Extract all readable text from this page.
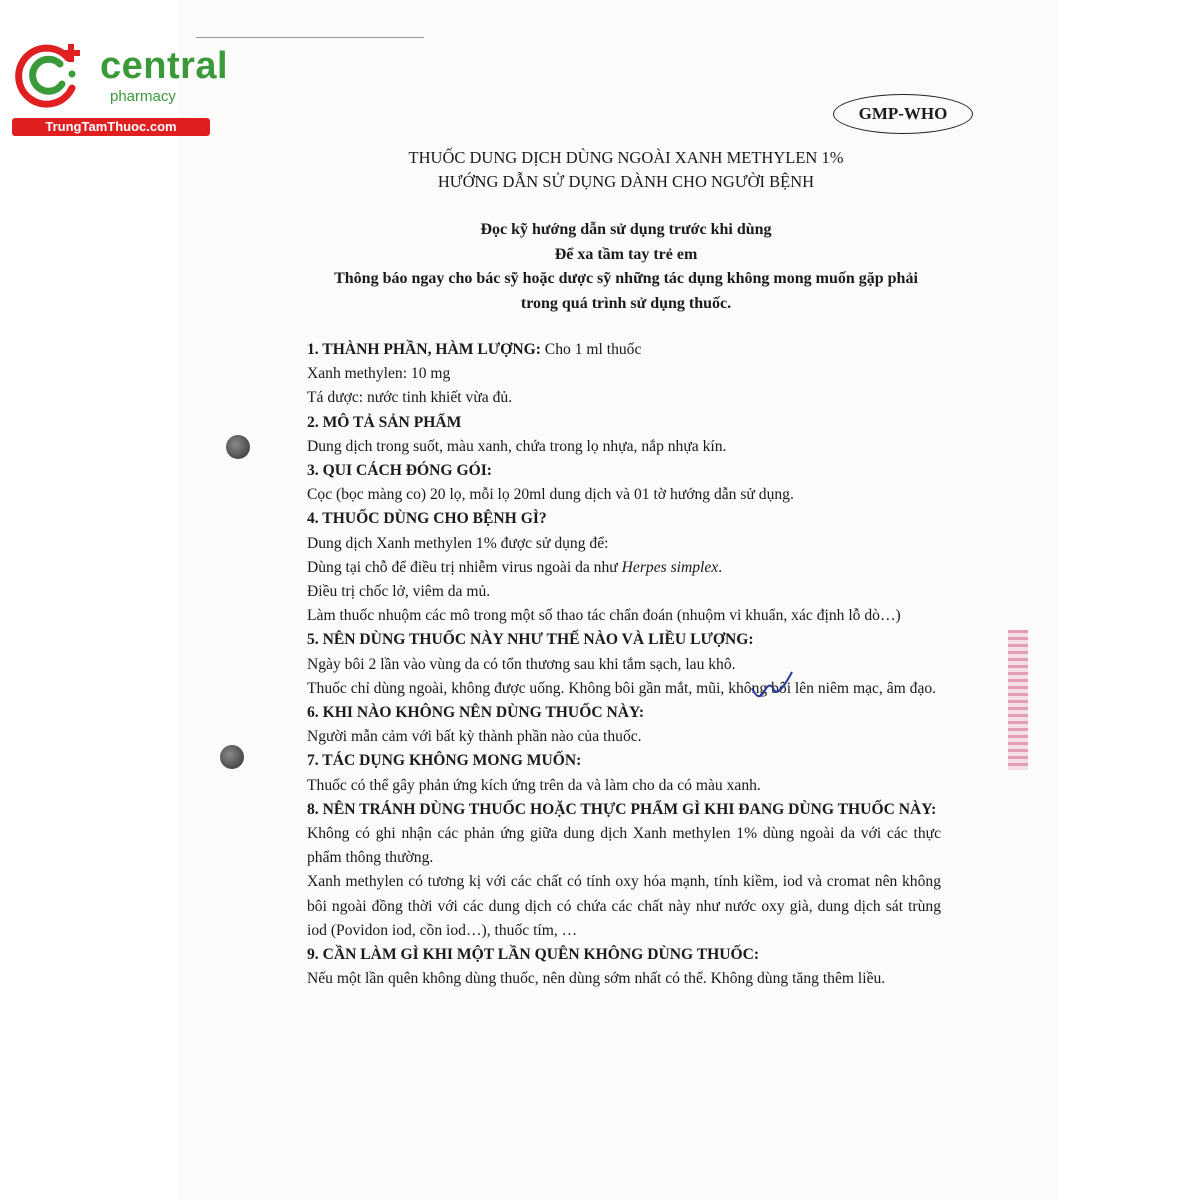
central
pharmacy
TrungTamThuoc.com
GMP-WHO
THUỐC DUNG DỊCH DÙNG NGOÀI XANH METHYLEN 1%
HƯỚNG DẪN SỬ DỤNG DÀNH CHO NGƯỜI BỆNH
Đọc kỹ hướng dẫn sử dụng trước khi dùng
Để xa tầm tay trẻ em
Thông báo ngay cho bác sỹ hoặc dược sỹ những tác dụng không mong muốn gặp phải trong quá trình sử dụng thuốc.

1. THÀNH PHẦN, HÀM LƯỢNG: Cho 1 ml thuốc

Xanh methylen: 10 mg

Tá dược: nước tinh khiết vừa đủ.

2. MÔ TẢ SẢN PHẨM

Dung dịch trong suốt, màu xanh, chứa trong lọ nhựa, nắp nhựa kín.

3. QUI CÁCH ĐÓNG GÓI:

Cọc (bọc màng co) 20 lọ, mỗi lọ 20ml dung dịch và 01 tờ hướng dẫn sử dụng.

4. THUỐC DÙNG CHO BỆNH GÌ?

Dung dịch Xanh methylen 1% được sử dụng để:

Dùng tại chỗ để điều trị nhiễm virus ngoài da như Herpes simplex.

Điều trị chốc lở, viêm da mủ.

Làm thuốc nhuộm các mô trong một số thao tác chẩn đoán (nhuộm vi khuẩn, xác định lỗ dò…)

5. NÊN DÙNG THUỐC NÀY NHƯ THẾ NÀO VÀ LIỀU LƯỢNG:

Ngày bôi 2 lần vào vùng da có tổn thương sau khi tắm sạch, lau khô.

Thuốc chỉ dùng ngoài, không được uống. Không bôi gần mắt, mũi, không bôi lên niêm mạc, âm đạo.

6. KHI NÀO KHÔNG NÊN DÙNG THUỐC NÀY:

Người mẫn cảm với bất kỳ thành phần nào của thuốc.

7. TÁC DỤNG KHÔNG MONG MUỐN:

Thuốc có thể gây phản ứng kích ứng trên da và làm cho da có màu xanh.

8. NÊN TRÁNH DÙNG THUỐC HOẶC THỰC PHẨM GÌ KHI ĐANG DÙNG THUỐC NÀY:

Không có ghi nhận các phản ứng giữa dung dịch Xanh methylen 1% dùng ngoài da với các thực phẩm thông thường.

Xanh methylen có tương kị với các chất có tính oxy hóa mạnh, tính kiềm, iod và cromat nên không bôi ngoài đồng thời với các dung dịch có chứa các chất này như nước oxy già, dung dịch sát trùng iod (Povidon iod, cồn iod…), thuốc tím, …

9. CẦN LÀM GÌ KHI MỘT LẦN QUÊN KHÔNG DÙNG THUỐC:

Nếu một lần quên không dùng thuốc, nên dùng sớm nhất có thể. Không dùng tăng thêm liều.
